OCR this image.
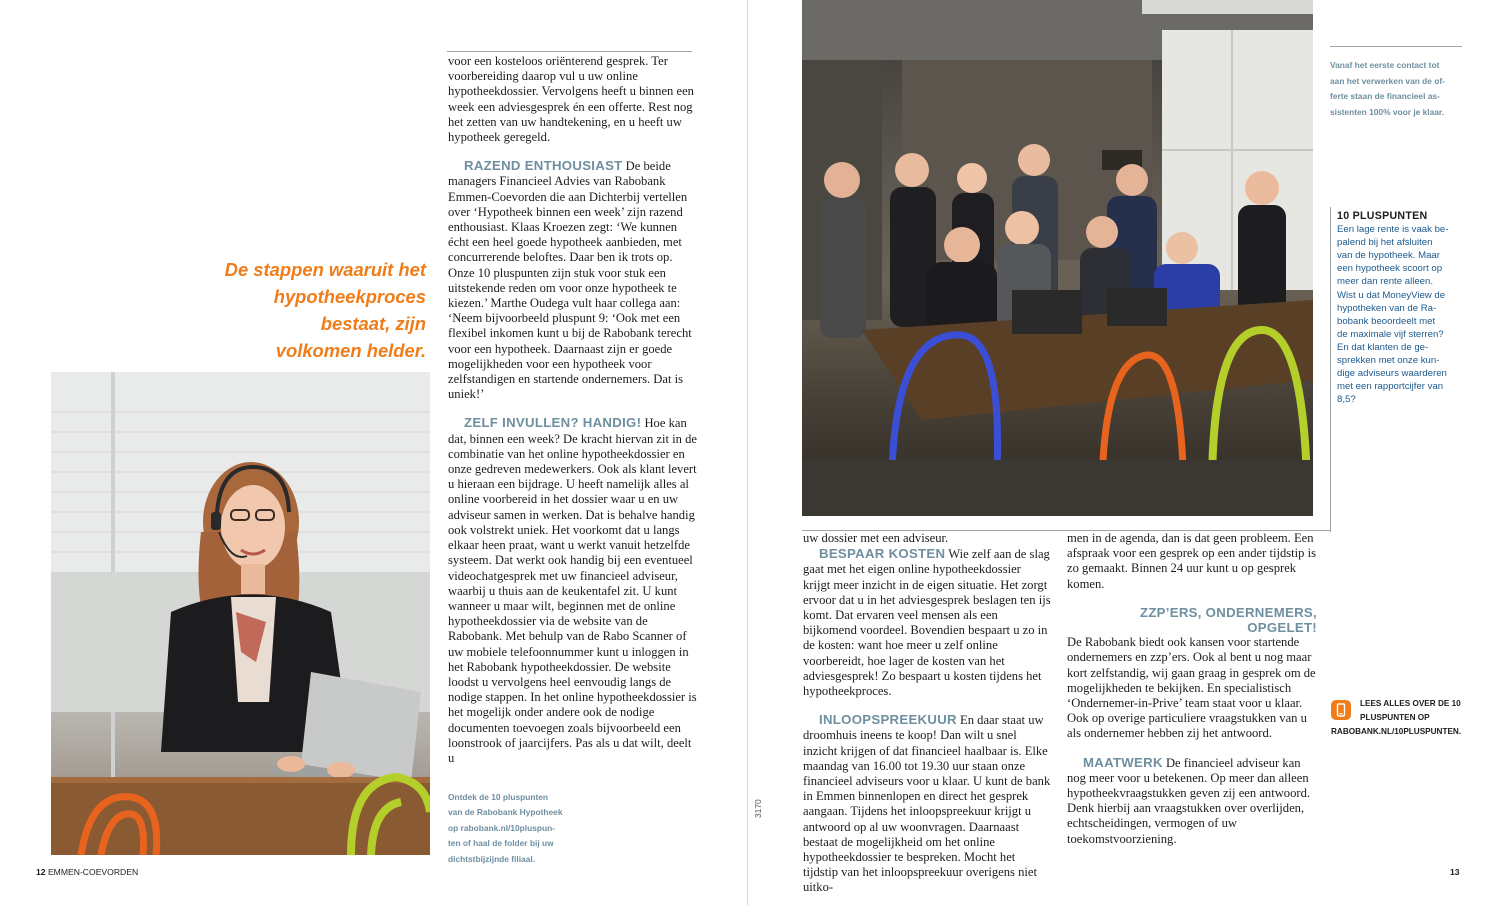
De stappen waaruit het
hypotheekproces
bestaat, zijn
volkomen helder.
Ontdek de 10 pluspunten
van de Rabobank Hypotheek
op rabobank.nl/10pluspun-
ten of haal de folder bij uw
dichtstbijzijnde filiaal.
12 EMMEN-COEVORDEN

voor een kosteloos oriënterend gesprek. Ter voorbereiding daarop vul u uw online hypotheekdossier. Vervolgens heeft u binnen een week een adviesgesprek én een offerte. Rest nog het zetten van uw handtekening, en u heeft uw hypotheek geregeld.

RAZEND ENTHOUSIAST De beide managers Financieel Advies van Rabobank Emmen-Coevorden die aan Dichterbij vertellen over ‘Hypotheek binnen een week’ zijn razend enthousiast. Klaas Kroezen zegt: ‘We kunnen écht een heel goede hypotheek aanbieden, met concurrerende beloftes. Daar ben ik trots op. Onze 10 pluspunten zijn stuk voor stuk een uitstekende reden om voor onze hypotheek te kiezen.’ Marthe Oudega vult haar collega aan: ‘Neem bijvoorbeeld pluspunt 9: ‘Ook met een flexibel inkomen kunt u bij de Rabobank terecht voor een hypotheek. Daarnaast zijn er goede mogelijkheden voor een hypotheek voor zelfstandigen en startende ondernemers. Dat is uniek!’

ZELF INVULLEN? HANDIG! Hoe kan dat, binnen een week? De kracht hiervan zit in de combinatie van het online hypotheekdossier en onze gedreven medewerkers. Ook als klant levert u hieraan een bijdrage. U heeft namelijk alles al online voorbereid in het dossier waar u en uw adviseur samen in werken. Dat is behalve handig ook volstrekt uniek. Het voorkomt dat u langs elkaar heen praat, want u werkt vanuit hetzelfde systeem. Dat werkt ook handig bij een eventueel videochatgesprek met uw financieel adviseur, waarbij u thuis aan de keukentafel zit. U kunt wanneer u maar wilt, beginnen met de online hypotheekdossier via de website van de Rabobank. Met behulp van de Rabo Scanner of uw mobiele telefoonnummer kunt u inloggen in het Rabobank hypotheekdossier. De website loodst u vervolgens heel eenvoudig langs de nodige stappen. In het online hypotheekdossier is het mogelijk onder andere ook de nodige documenten toevoegen zoals bijvoorbeeld een loonstrook of jaarcijfers. Pas als u dat wilt, deelt u

Vanaf het eerste contact tot
aan het verwerken van de of-
ferte staan de financieel as-
sistenten 100% voor je klaar.
10 PLUSPUNTEN
Een lage rente is vaak be-
palend bij het afsluiten
van de hypotheek. Maar
een hypotheek scoort op
meer dan rente alleen.
Wist u dat MoneyView de
hypotheken van de Ra-
bobank beoordeelt met
de maximale vijf sterren?
En dat klanten de ge-
sprekken met onze kun-
dige adviseurs waarderen
met een rapportcijfer van
8,5?
LEES ALLES OVER DE 10
PLUSPUNTEN OP
RABOBANK.NL/10PLUSPUNTEN.
3170
13

uw dossier met een adviseur.

BESPAAR KOSTEN Wie zelf aan de slag gaat met het eigen online hypotheekdossier krijgt meer inzicht in de eigen situatie. Het zorgt ervoor dat u in het adviesgesprek beslagen ten ijs komt. Dat ervaren veel mensen als een bijkomend voordeel. Bovendien bespaart u zo in de kosten: want hoe meer u zelf online voorbereidt, hoe lager de kosten van het adviesgesprek! Zo bespaart u kosten tijdens het hypotheekproces.

INLOOPSPREEKUUR En daar staat uw droomhuis ineens te koop! Dan wilt u snel inzicht krijgen of dat financieel haalbaar is. Elke maandag van 16.00 tot 19.30 uur staan onze financieel adviseurs voor u klaar. U kunt de bank in Emmen binnenlopen en direct het gesprek aangaan. Tijdens het inloopspreekuur krijgt u antwoord op al uw woonvragen. Daarnaast bestaat de mogelijkheid om het online hypotheekdossier te bespreken. Mocht het tijdstip van het inloopspreekuur overigens niet uitko-

men in de agenda, dan is dat geen probleem. Een afspraak voor een gesprek op een ander tijdstip is zo gemaakt. Binnen 24 uur kunt u op gesprek komen.

ZZP’ERS, ONDERNEMERS, OPGELET!

De Rabobank biedt ook kansen voor startende ondernemers en zzp’ers. Ook al bent u nog maar kort zelfstandig, wij gaan graag in gesprek om de mogelijkheden te bekijken. En specialistisch ‘Ondernemer-in-Prive’ team staat voor u klaar. Ook op overige particuliere vraagstukken van u als ondernemer hebben zij het antwoord.

MAATWERK De financieel adviseur kan nog meer voor u betekenen. Op meer dan alleen hypotheekvraagstukken geven zij een antwoord. Denk hierbij aan vraagstukken over overlijden, echtscheidingen, vermogen of uw toekomstvoorziening.
